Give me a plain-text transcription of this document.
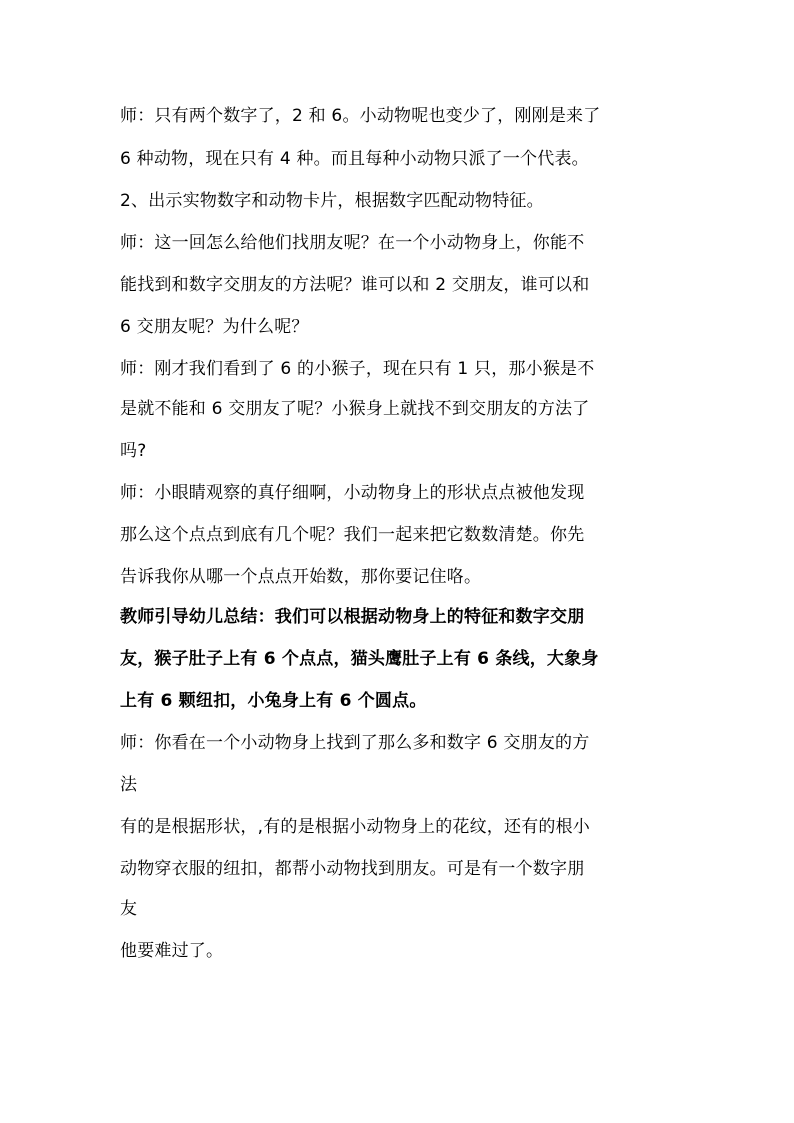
师：只有两个数字了，2 和 6。小动物呢也变少了，刚刚是来了
6 种动物，现在只有 4 种。而且每种小动物只派了一个代表。
2、出示实物数字和动物卡片，根据数字匹配动物特征。
师：这一回怎么给他们找朋友呢？在一个小动物身上，你能不
能找到和数字交朋友的方法呢？谁可以和 2 交朋友，谁可以和
6 交朋友呢？为什么呢？
师：刚才我们看到了 6 的小猴子，现在只有 1 只，那小猴是不
是就不能和 6 交朋友了呢？小猴身上就找不到交朋友的方法了
吗?
师：小眼睛观察的真仔细啊，小动物身上的形状点点被他发现
那么这个点点到底有几个呢？我们一起来把它数数清楚。你先
告诉我你从哪一个点点开始数，那你要记住咯。
教师引导幼儿总结：我们可以根据动物身上的特征和数字交朋
友，猴子肚子上有 6 个点点，猫头鹰肚子上有 6 条线，大象身
上有 6 颗纽扣，小兔身上有 6 个圆点。
师：你看在一个小动物身上找到了那么多和数字 6 交朋友的方
法
有的是根据形状，,有的是根据小动物身上的花纹，还有的根小
动物穿衣服的纽扣，都帮小动物找到朋友。可是有一个数字朋
友
他要难过了。
